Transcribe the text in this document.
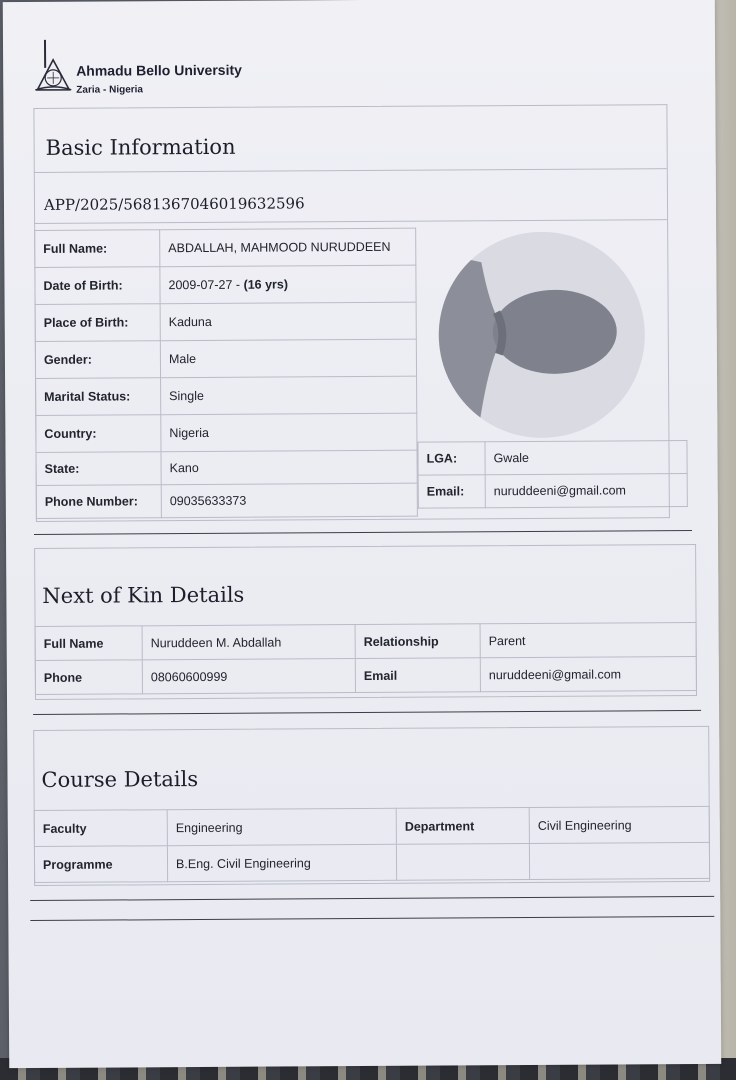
Ahmadu Bello University
Zaria - Nigeria
Basic Information
APP/2025/5681367046019632596
Full Name:	ABDALLAH, MAHMOOD NURUDDEEN
Date of Birth:	2009-07-27 - (16 yrs)
Place of Birth:	Kaduna
Gender:	Male
Marital Status:	Single
Country:	Nigeria
State:	Kano
Phone Number:	09035633373
LGA:	Gwale
Email:	nuruddeeni@gmail.com
Next of Kin Details
Full Name	Nuruddeen M. Abdallah	Relationship	Parent
Phone	08060600999	Email	nuruddeeni@gmail.com
Course Details
Faculty	Engineering	Department	Civil Engineering
Programme	B.Eng. Civil Engineering		
